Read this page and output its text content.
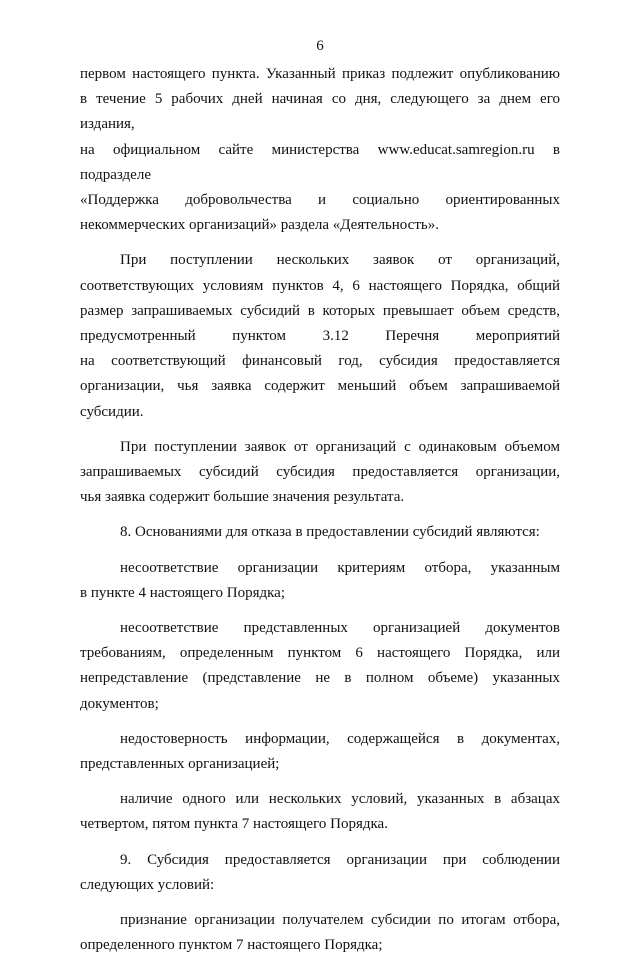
6
первом настоящего пункта. Указанный приказ подлежит опубликованию
в течение 5 рабочих дней начиная со дня, следующего за днем его издания,
на официальном сайте министерства www.educat.samregion.ru в подразделе
«Поддержка добровольчества и социально ориентированных
некоммерческих организаций» раздела «Деятельность».
При поступлении нескольких заявок от организаций,
соответствующих условиям пунктов 4, 6 настоящего Порядка, общий
размер запрашиваемых субсидий в которых превышает объем средств,
предусмотренный пунктом 3.12 Перечня мероприятий
на соответствующий финансовый год, субсидия предоставляется
организации, чья заявка содержит меньший объем запрашиваемой
субсидии.
При поступлении заявок от организаций с одинаковым объемом
запрашиваемых субсидий субсидия предоставляется организации,
чья заявка содержит большие значения результата.
8. Основаниями для отказа в предоставлении субсидий являются:
несоответствие организации критериям отбора, указанным
в пункте 4 настоящего Порядка;
несоответствие представленных организацией документов
требованиям, определенным пунктом 6 настоящего Порядка, или
непредставление (представление не в полном объеме) указанных
документов;
недостоверность информации, содержащейся в документах,
представленных организацией;
наличие одного или нескольких условий, указанных в абзацах
четвертом, пятом пункта 7 настоящего Порядка.
9. Субсидия предоставляется организации при соблюдении
следующих условий:
признание организации получателем субсидии по итогам отбора,
определенного пунктом 7 настоящего Порядка;
